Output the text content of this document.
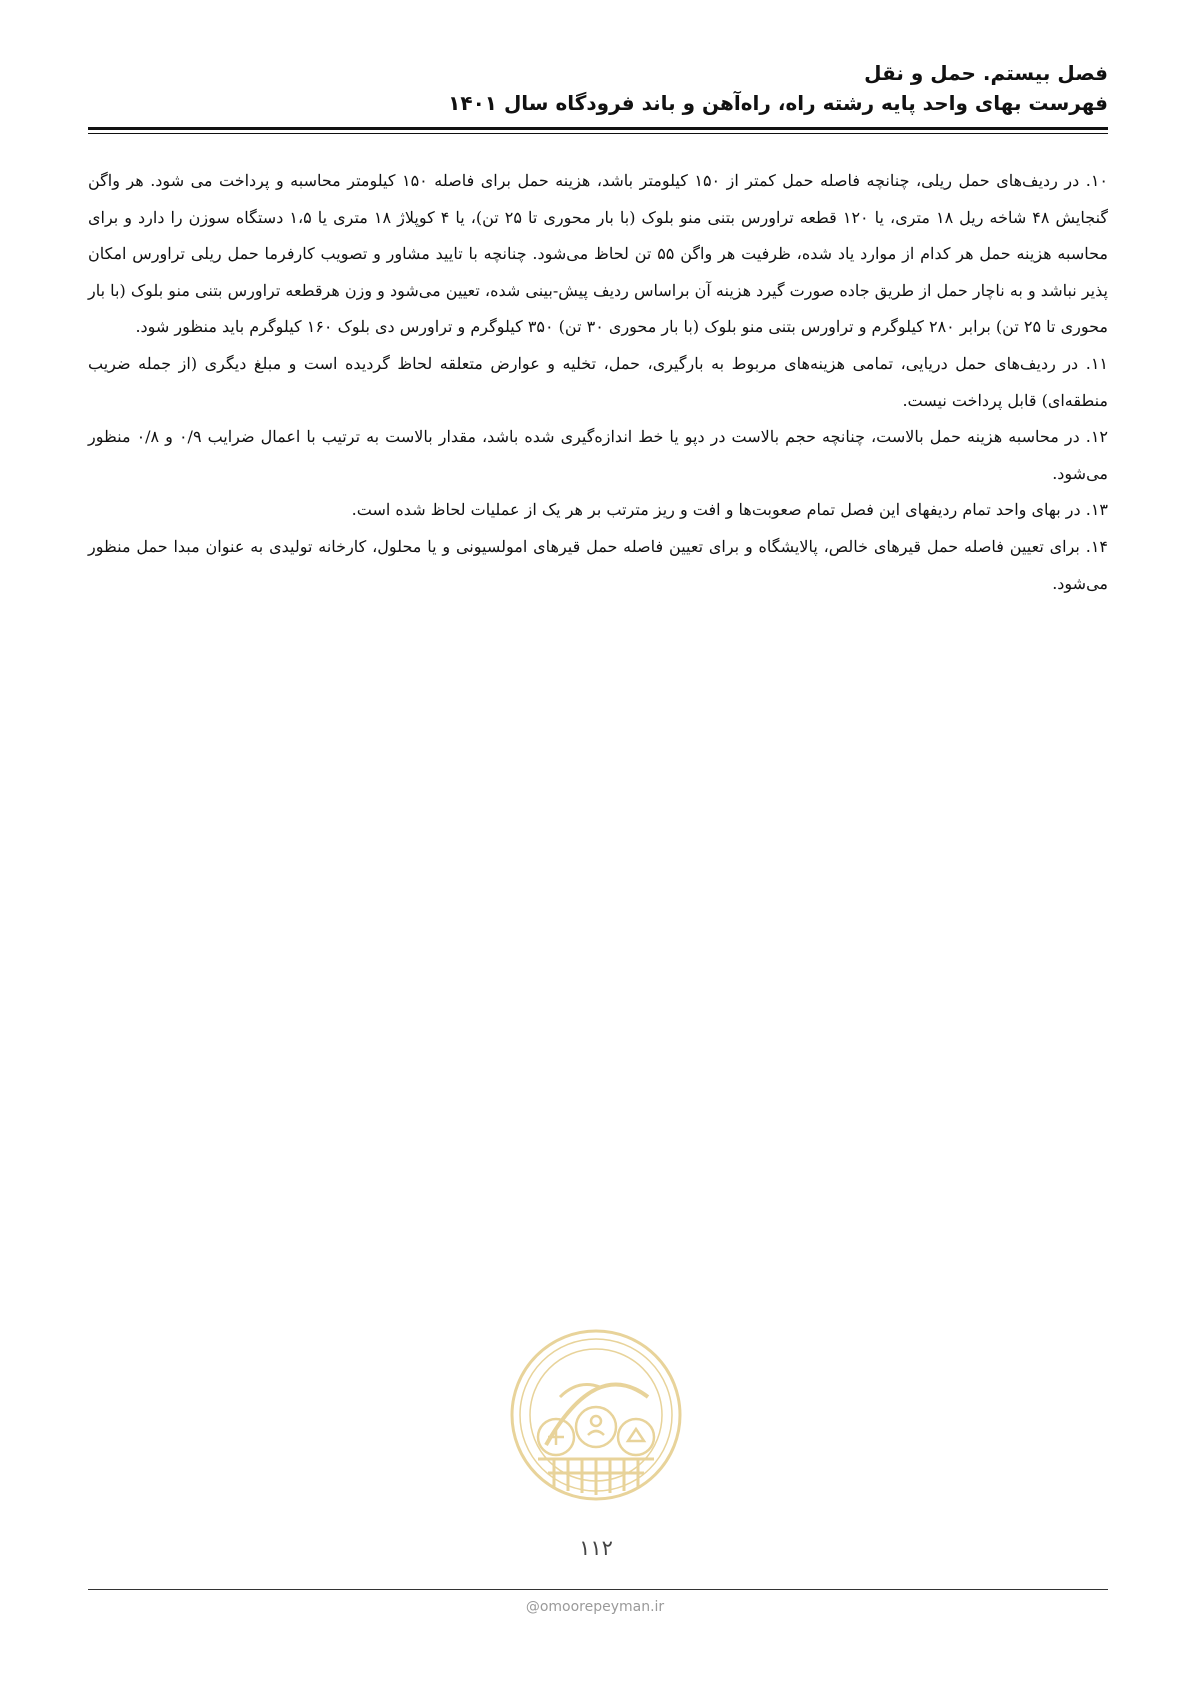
فصل بیستم. حمل و نقل
فهرست بهای واحد پایه رشته راه، راه‌آهن و باند فرودگاه سال ۱۴۰۱

۱۰. در ردیف‌های حمل ریلی، چنانچه فاصله حمل کمتر از ۱۵۰ کیلومتر باشد، هزینه حمل برای فاصله ۱۵۰ کیلومتر محاسبه و پرداخت می شود. هر واگن گنجایش ۴۸ شاخه ریل ۱۸ متری، یا ۱۲۰ قطعه تراورس بتنی منو بلوک (با بار محوری تا ۲۵ تن)، یا ۴ کوپلاژ ۱۸ متری یا ۱،۵ دستگاه سوزن را دارد و برای محاسبه هزینه حمل هر کدام از موارد یاد شده، ظرفیت هر واگن ۵۵ تن لحاظ می‌شود. چنانچه با تایید مشاور و تصویب کارفرما حمل ریلی تراورس امکان پذیر نباشد و به ناچار حمل از طریق جاده صورت گیرد هزینه آن براساس ردیف پیش-بینی شده، تعیین می‌شود و وزن هرقطعه تراورس بتنی منو بلوک (با بار محوری تا ۲۵ تن) برابر ۲۸۰ کیلوگرم و تراورس بتنی منو بلوک (با بار محوری ۳۰ تن) ۳۵۰ کیلوگرم و تراورس دی بلوک ۱۶۰ کیلوگرم باید منظور شود.

۱۱. در ردیف‌های حمل دریایی، تمامی هزینه‌های مربوط به بارگیری، حمل، تخلیه و عوارض متعلقه لحاظ گردیده است و مبلغ دیگری (از جمله ضریب منطقه‌ای) قابل پرداخت نیست.

۱۲. در محاسبه هزینه حمل بالاست، چنانچه حجم بالاست در دپو یا خط اندازه‌گیری شده باشد، مقدار بالاست به ترتیب با اعمال ضرایب ۰/۹ و ۰/۸ منظور می‌شود.

۱۳. در بهای واحد تمام ردیفهای این فصل تمام صعوبت‌ها و افت و ریز مترتب بر هر یک از عملیات لحاظ شده است.

۱۴. برای تعیین فاصله حمل قیرهای خالص، پالایشگاه و برای تعیین فاصله حمل قیرهای امولسیونی و یا محلول، کارخانه تولیدی به عنوان مبدا حمل منظور می‌شود.

۱۱۲
@omoorepeyman.ir
